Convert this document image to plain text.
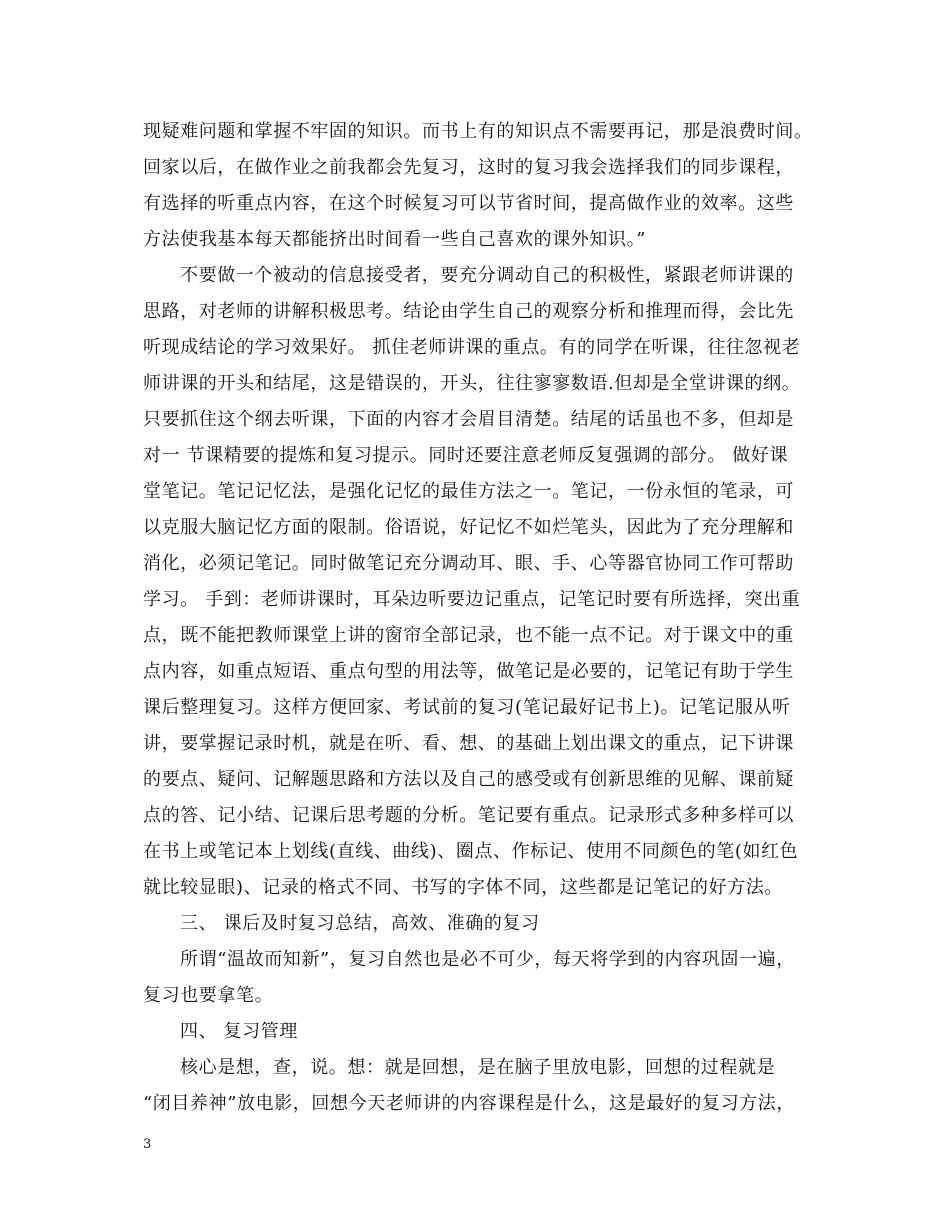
现疑难问题和掌握不牢固的知识。而书上有的知识点不需要再记，那是浪费时间。
回家以后，在做作业之前我都会先复习，这时的复习我会选择我们的同步课程，
有选择的听重点内容，在这个时候复习可以节省时间，提高做作业的效率。这些
方法使我基本每天都能挤出时间看一些自己喜欢的课外知识。”
不要做一个被动的信息接受者，要充分调动自己的积极性，紧跟老师讲课的
思路，对老师的讲解积极思考。结论由学生自己的观察分析和推理而得，会比先
听现成结论的学习效果好。 抓住老师讲课的重点。有的同学在听课，往往忽视老
师讲课的开头和结尾，这是错误的，开头，往往寥寥数语.但却是全堂讲课的纲。
只要抓住这个纲去听课，下面的内容才会眉目清楚。结尾的话虽也不多，但却是
对一 节课精要的提炼和复习提示。同时还要注意老师反复强调的部分。 做好课
堂笔记。笔记记忆法，是强化记忆的最佳方法之一。笔记，一份永恒的笔录，可
以克服大脑记忆方面的限制。俗语说，好记忆不如烂笔头，因此为了充分理解和
消化，必须记笔记。同时做笔记充分调动耳、眼、手、心等器官协同工作可帮助
学习。 手到：老师讲课时，耳朵边听要边记重点，记笔记时要有所选择，突出重
点，既不能把教师课堂上讲的窗帘全部记录，也不能一点不记。对于课文中的重
点内容，如重点短语、重点句型的用法等，做笔记是必要的，记笔记有助于学生
课后整理复习。这样方便回家、考试前的复习(笔记最好记书上)。记笔记服从听
讲，要掌握记录时机，就是在听、看、想、的基础上划出课文的重点，记下讲课
的要点、疑问、记解题思路和方法以及自己的感受或有创新思维的见解、课前疑
点的答、记小结、记课后思考题的分析。笔记要有重点。记录形式多种多样可以
在书上或笔记本上划线(直线、曲线)、圈点、作标记、使用不同颜色的笔(如红色
就比较显眼)、记录的格式不同、书写的字体不同，这些都是记笔记的好方法。
三、 课后及时复习总结，高效、准确的复习
所谓“温故而知新”，复习自然也是必不可少，每天将学到的内容巩固一遍，
复习也要拿笔。
四、 复习管理
核心是想，查，说。想：就是回想，是在脑子里放电影，回想的过程就是
“闭目养神”放电影，回想今天老师讲的内容课程是什么，这是最好的复习方法，
3
